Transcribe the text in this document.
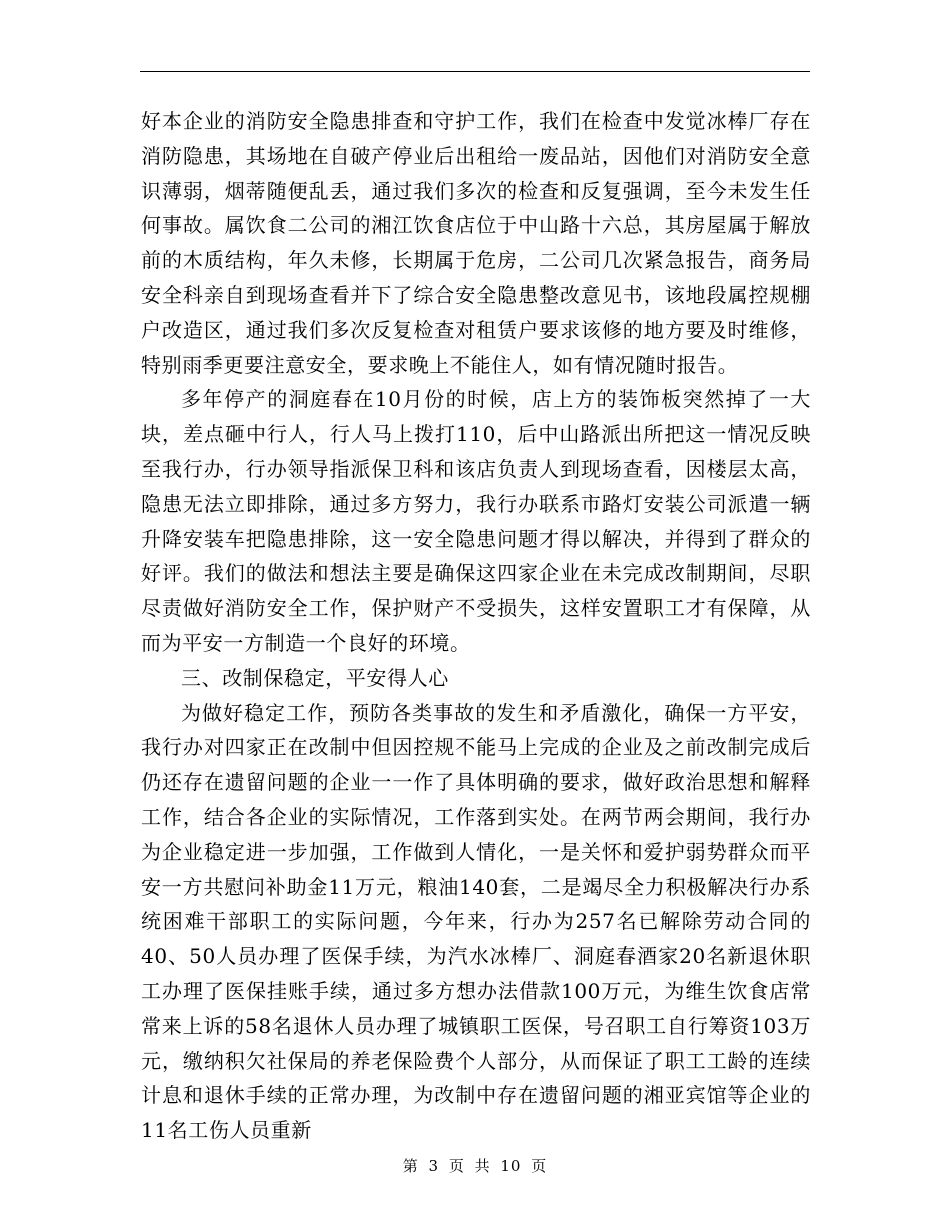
好本企业的消防安全隐患排查和守护工作，我们在检查中发觉冰棒厂存在消防隐患，其场地在自破产停业后出租给一废品站，因他们对消防安全意识薄弱，烟蒂随便乱丢，通过我们多次的检查和反复强调，至今未发生任何事故。属饮食二公司的湘江饮食店位于中山路十六总，其房屋属于解放前的木质结构，年久未修，长期属于危房，二公司几次紧急报告，商务局安全科亲自到现场查看并下了综合安全隐患整改意见书，该地段属控规棚户改造区，通过我们多次反复检查对租赁户要求该修的地方要及时维修，特别雨季更要注意安全，要求晚上不能住人，如有情况随时报告。

多年停产的洞庭春在10月份的时候，店上方的装饰板突然掉了一大块，差点砸中行人，行人马上拨打110，后中山路派出所把这一情况反映至我行办，行办领导指派保卫科和该店负责人到现场查看，因楼层太高，隐患无法立即排除，通过多方努力，我行办联系市路灯安装公司派遣一辆升降安装车把隐患排除，这一安全隐患问题才得以解决，并得到了群众的好评。我们的做法和想法主要是确保这四家企业在未完成改制期间，尽职尽责做好消防安全工作，保护财产不受损失，这样安置职工才有保障，从而为平安一方制造一个良好的环境。

三、改制保稳定，平安得人心

为做好稳定工作，预防各类事故的发生和矛盾激化，确保一方平安，我行办对四家正在改制中但因控规不能马上完成的企业及之前改制完成后仍还存在遗留问题的企业一一作了具体明确的要求，做好政治思想和解释工作，结合各企业的实际情况，工作落到实处。在两节两会期间，我行办为企业稳定进一步加强，工作做到人情化，一是关怀和爱护弱势群众而平安一方共慰问补助金11万元，粮油140套，二是竭尽全力积极解决行办系统困难干部职工的实际问题，今年来，行办为257名已解除劳动合同的40、50人员办理了医保手续，为汽水冰棒厂、洞庭春酒家20名新退休职工办理了医保挂账手续，通过多方想办法借款100万元，为维生饮食店常常来上诉的58名退休人员办理了城镇职工医保，号召职工自行筹资103万元，缴纳积欠社保局的养老保险费个人部分，从而保证了职工工龄的连续计息和退休手续的正常办理，为改制中存在遗留问题的湘亚宾馆等企业的11名工伤人员重新

第 3 页 共 10 页
